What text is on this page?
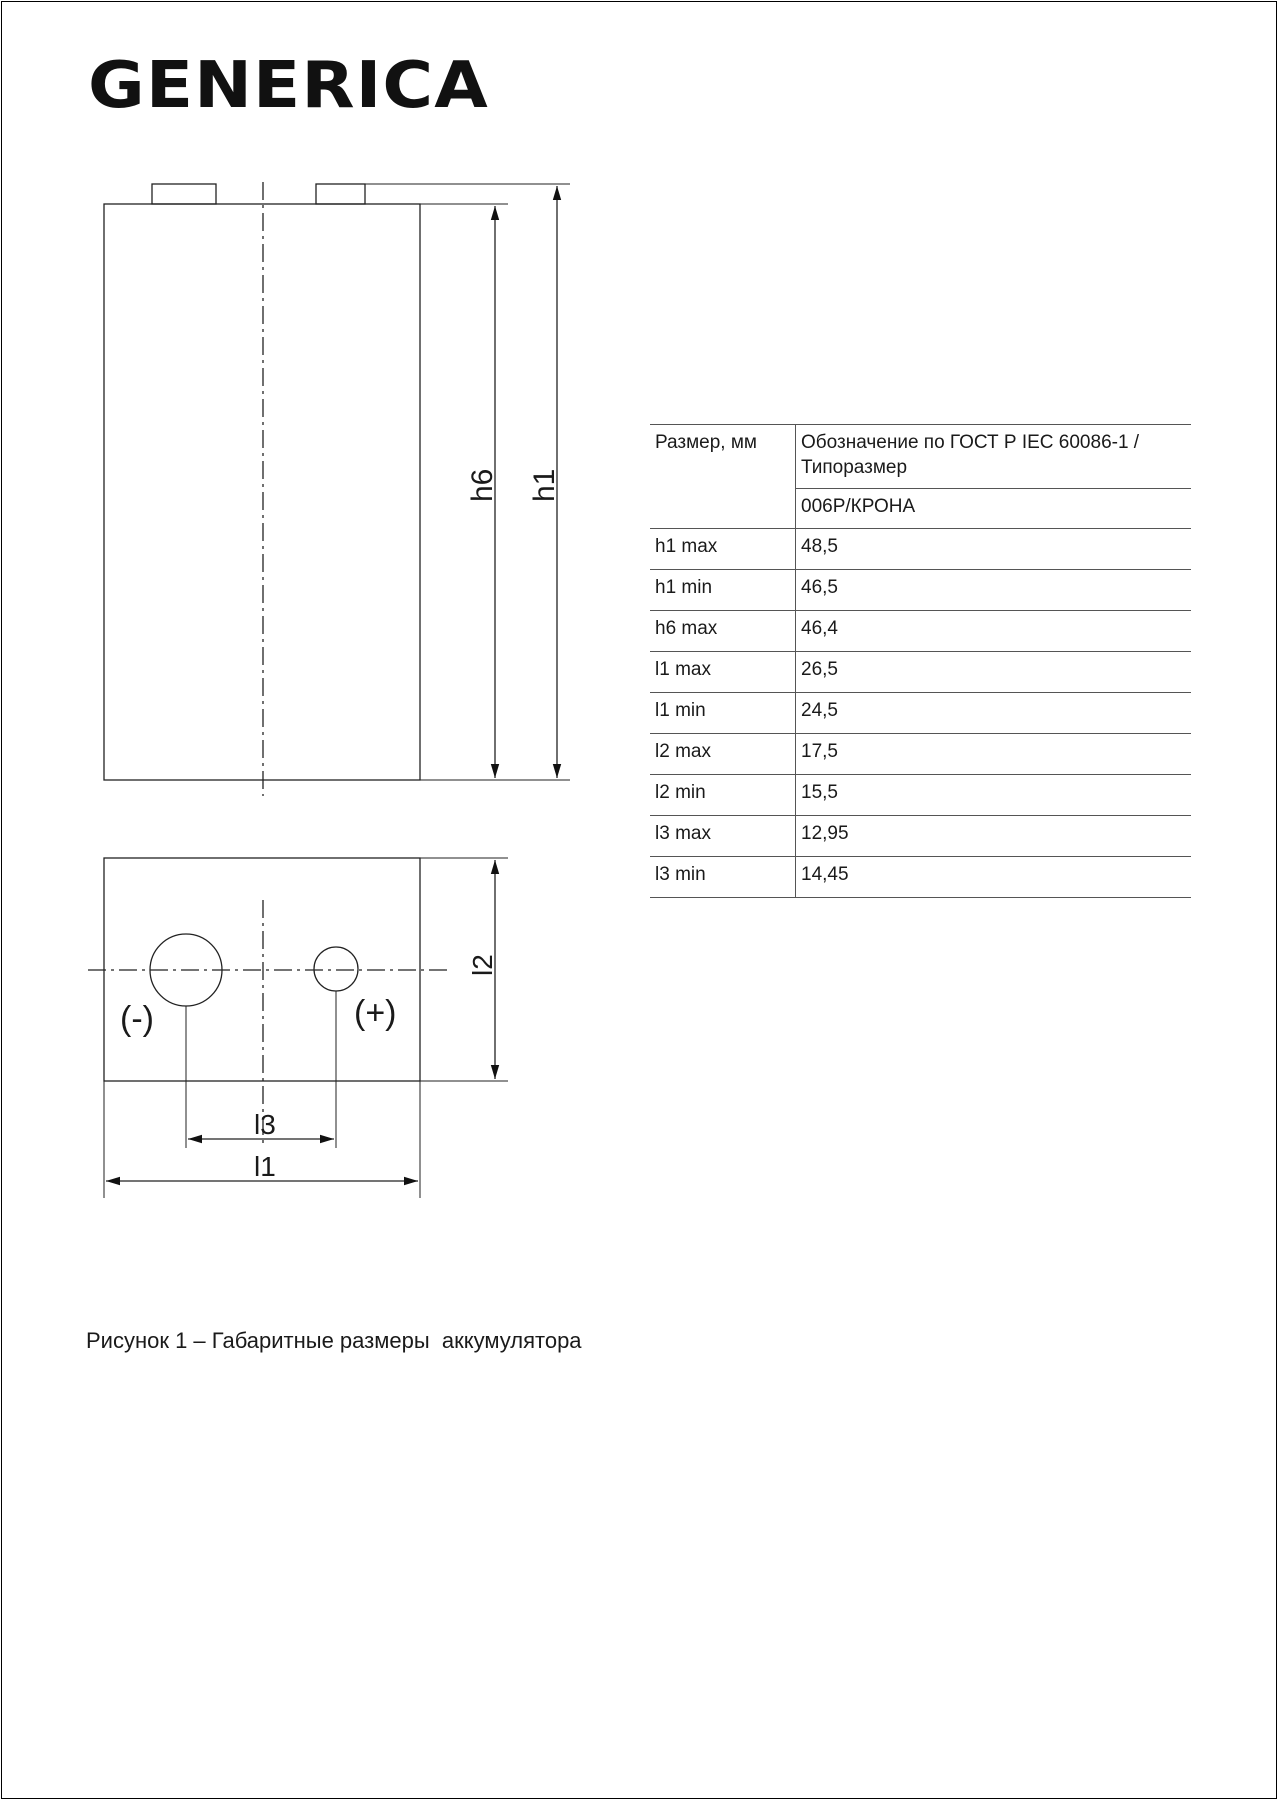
GENERICA
h6 h1
(-)	(+)
l2
l3
l1
Размер, мм	Обозначение по ГОСТ Р IEC 60086-1 / Типоразмер
	006P/КРОНА
h1 max	48,5
h1 min	46,5
h6 max	46,4
l1 max	26,5
l1 min	24,5
l2 max	17,5
l2 min	15,5
l3 max	12,95
l3 min	14,45
Рисунок 1 – Габаритные размеры  аккумулятора
